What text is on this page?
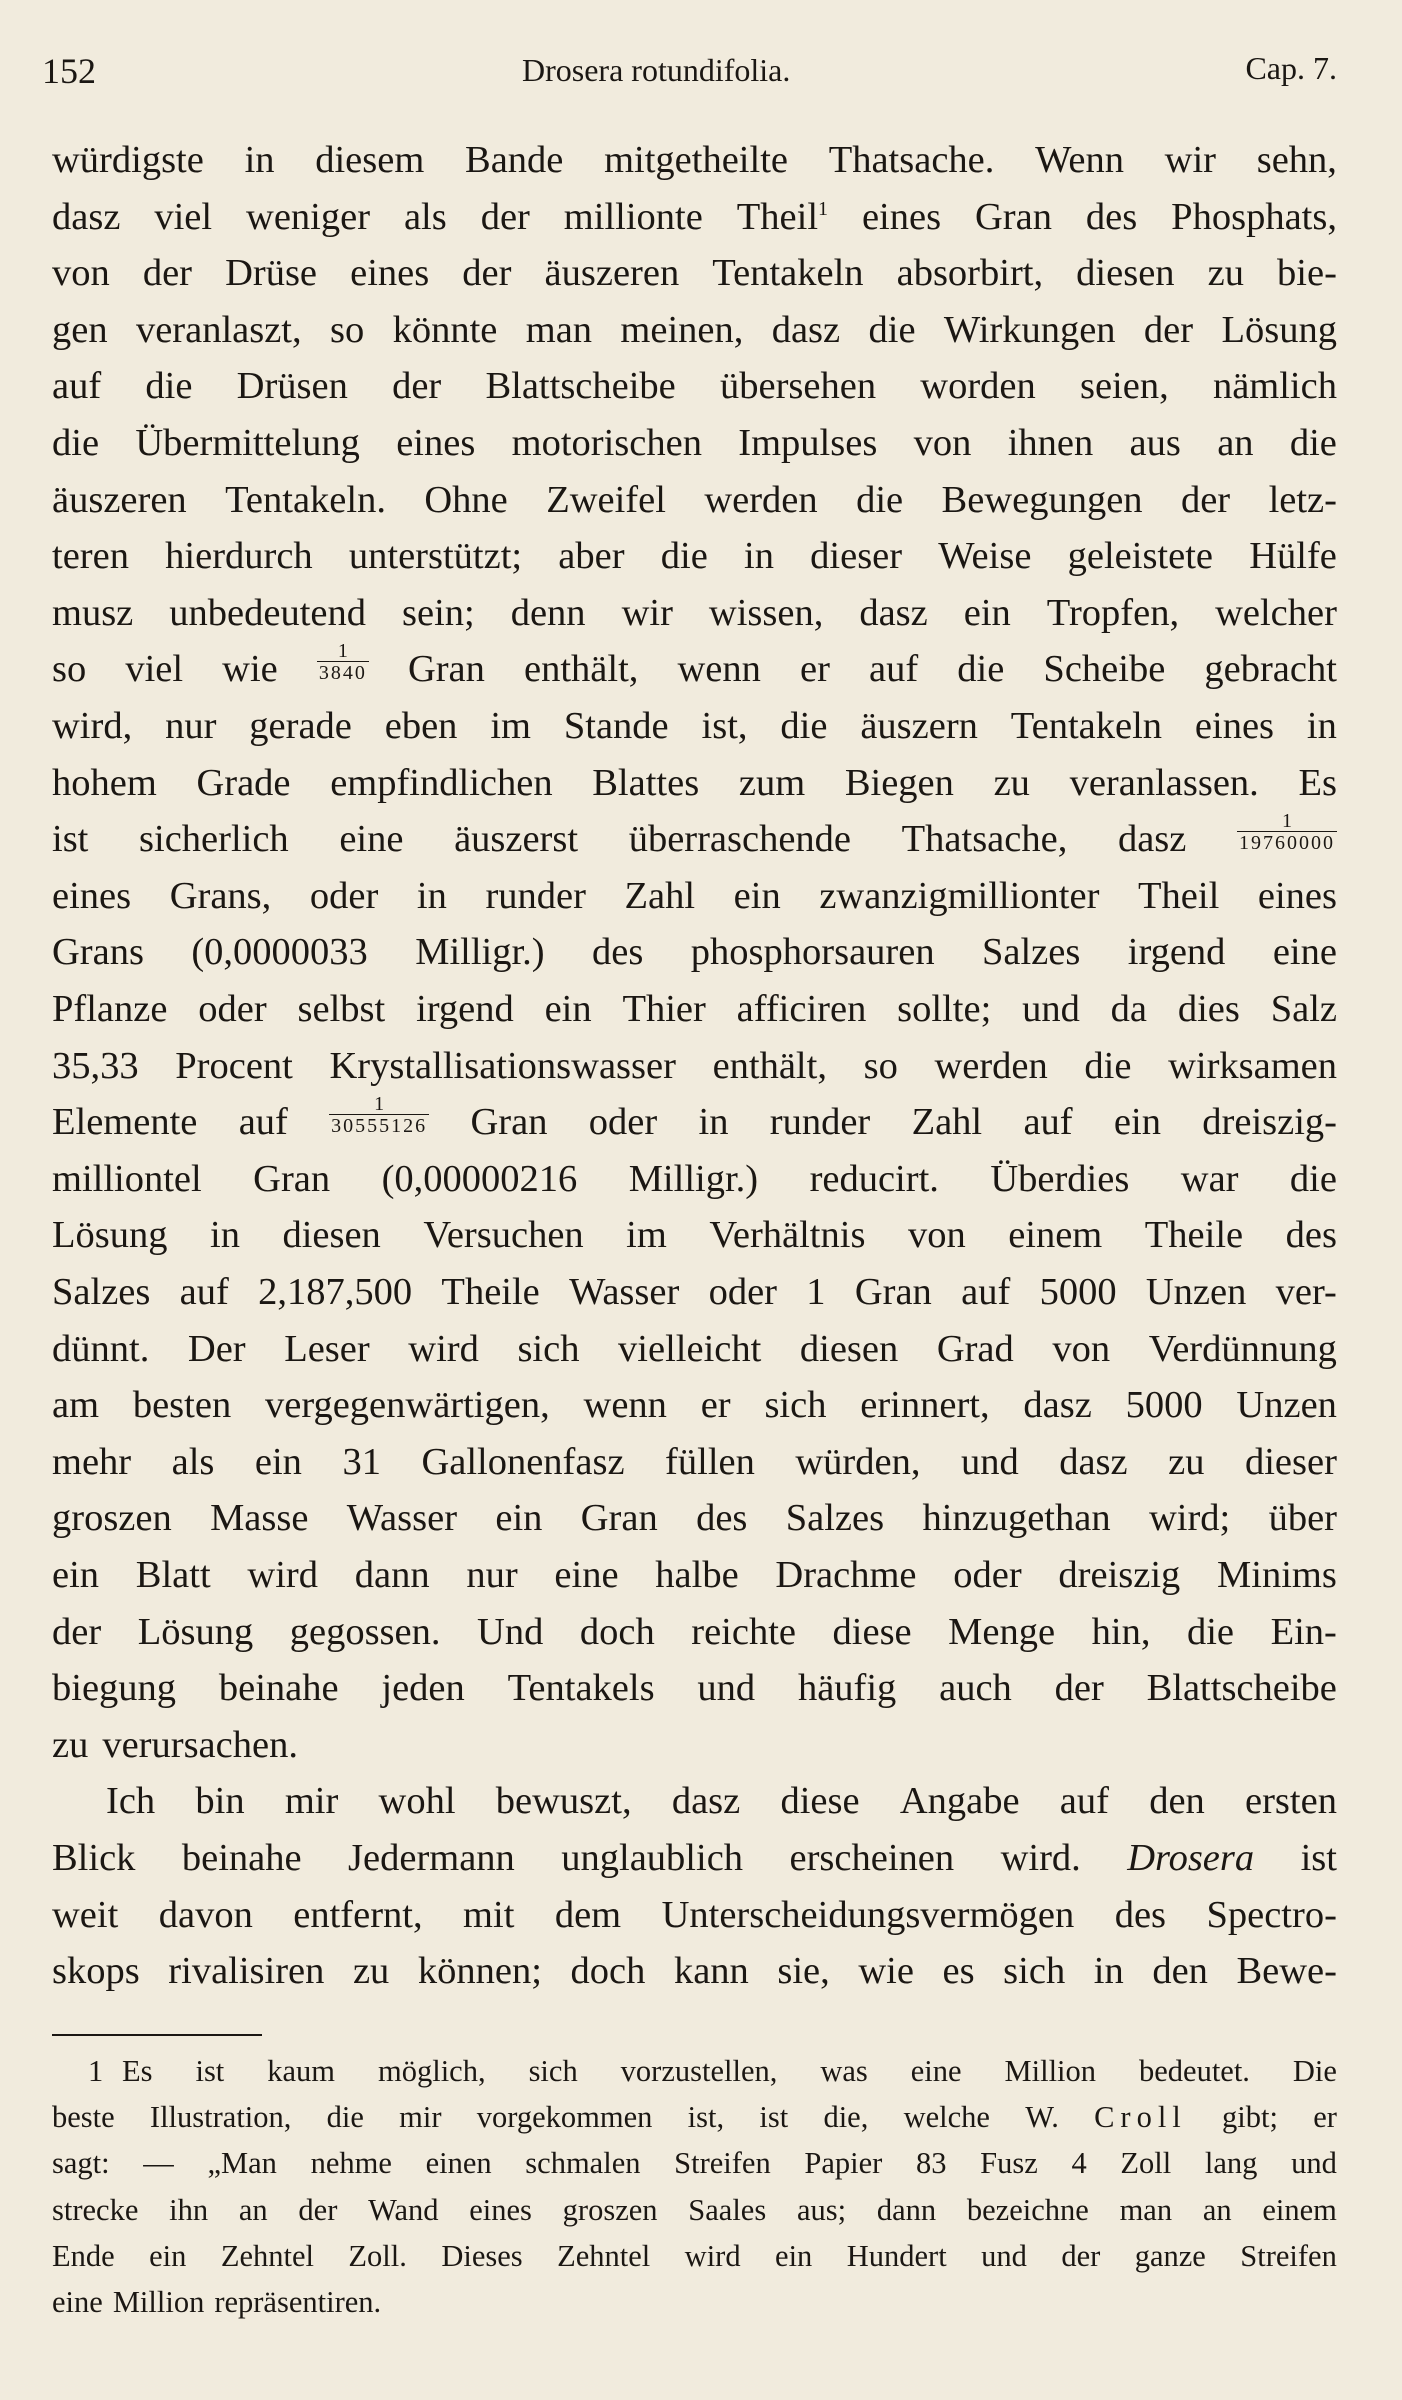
152	Drosera rotundifolia.	Cap. 7.
würdigste in diesem Bande mitgetheilte Thatsache. Wenn wir sehn,
dasz viel weniger als der millionte Theil$^1$ eines Gran des Phosphats,
von der Drüse eines der äuszeren Tentakeln absorbirt, diesen zu bie-
gen veranlaszt, so könnte man meinen, dasz die Wirkungen der Lösung
auf die Drüsen der Blattscheibe übersehen worden seien, nämlich
die Übermittelung eines motorischen Impulses von ihnen aus an die
äuszeren Tentakeln. Ohne Zweifel werden die Bewegungen der letz-
teren hierdurch unterstützt; aber die in dieser Weise geleistete Hülfe
musz unbedeutend sein; denn wir wissen, dasz ein Tropfen, welcher
so viel wie $\frac{1}{3840}$ Gran enthält, wenn er auf die Scheibe gebracht
wird, nur gerade eben im Stande ist, die äuszern Tentakeln eines in
hohem Grade empfindlichen Blattes zum Biegen zu veranlassen. Es
ist sicherlich eine äuszerst überraschende Thatsache, dasz	$\frac{1}{19760000}$
eines Grans, oder in runder Zahl ein zwanzigmillionter Theil eines
Grans (0,0000033 Milligr.) des phosphorsauren Salzes irgend eine
Pflanze oder selbst irgend ein Thier afficiren sollte; und da dies Salz
35,33 Procent Krystallisationswasser enthält, so werden die wirksamen
Elemente auf $\frac{1}{30555126}$ Gran oder in runder Zahl auf ein dreiszig-
milliontel Gran (0,00000216 Milligr.) reducirt. Überdies war die
Lösung in diesen Versuchen im Verhältnis von einem Theile des
Salzes auf 2,187,500 Theile Wasser oder 1 Gran auf 5000 Unzen ver-
dünnt. Der Leser wird sich vielleicht diesen Grad von Verdünnung
am besten vergegenwärtigen, wenn er sich erinnert, dasz 5000 Unzen
mehr als ein 31 Gallonenfasz füllen würden, und dasz zu dieser
groszen Masse Wasser ein Gran des Salzes hinzugethan wird; über
ein Blatt wird dann nur eine halbe Drachme oder dreiszig Minims
der Lösung gegossen. Und doch reichte diese Menge hin, die Ein-
biegung beinahe jeden Tentakels und häufig auch der Blattscheibe
zu verursachen.
Ich bin mir wohl bewuszt, dasz diese Angabe auf den ersten
Blick beinahe Jedermann unglaublich erscheinen wird. Drosera ist
weit davon entfernt, mit dem Unterscheidungsvermögen des Spectro-
skops rivalisiren zu können; doch kann sie, wie es sich in den Bewe-
1 Es ist kaum möglich, sich vorzustellen, was eine Million bedeutet. Die
beste Illustration, die mir vorgekommen ist, ist die, welche W. Croll gibt; er
sagt: — „Man nehme einen schmalen Streifen Papier 83 Fusz 4 Zoll lang und
strecke ihn an der Wand eines groszen Saales aus; dann bezeichne man an einem
Ende ein Zehntel Zoll. Dieses Zehntel wird ein Hundert und der ganze Streifen
eine Million repräsentiren.
